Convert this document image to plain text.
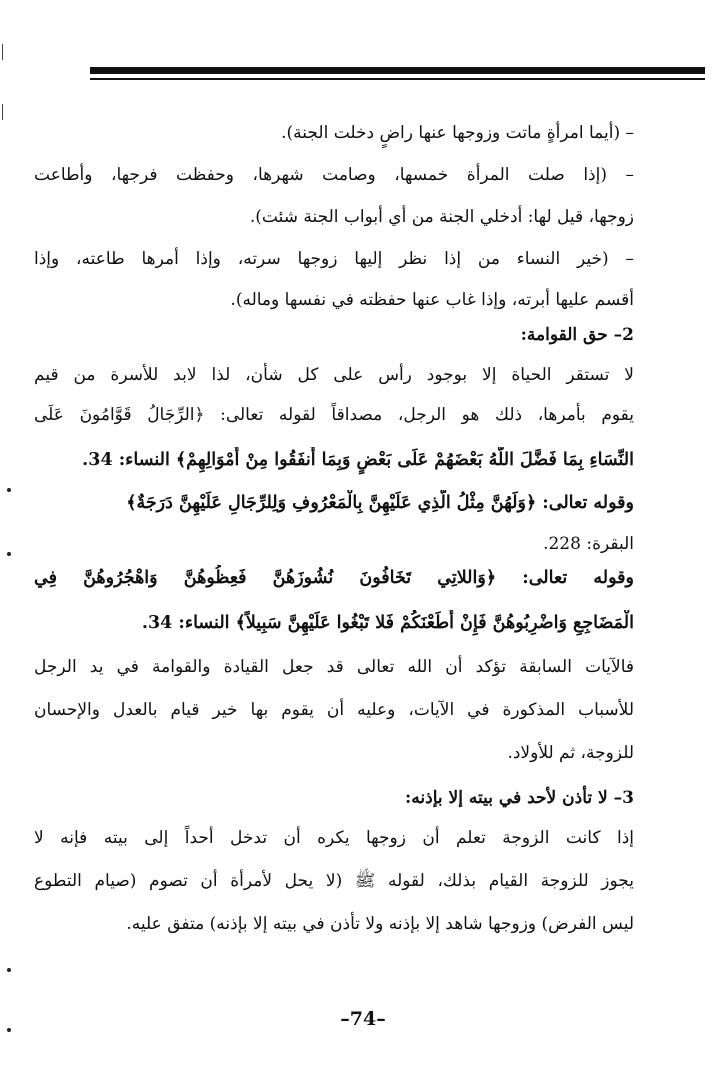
– (أيما امرأةٍ ماتت وزوجها عنها راضٍ دخلت الجنة).
– (إذا صلت المرأة خمسها، وصامت شهرها، وحفظت فرجها، وأطاعت
زوجها، قيل لها: أدخلي الجنة من أي أبواب الجنة شئت).
– (خير النساء من إذا نظر إليها زوجها سرته، وإذا أمرها طاعته، وإذا
أقسم عليها أبرته، وإذا غاب عنها حفظته في نفسها وماله).
2– حق القوامة:
لا تستقر الحياة إلا بوجود رأس على كل شأن، لذا لابد للأسرة من قيم
يقوم بأمرها، ذلك هو الرجل، مصداقاً لقوله تعالى: ﴿الرِّجَالُ قَوَّامُونَ عَلَى
النِّسَاءِ بِمَا فَضَّلَ اللَّهُ بَعْضَهُمْ عَلَى بَعْضٍ وَبِمَا أَنفَقُوا مِنْ أَمْوَالِهِمْ﴾ النساء: 34.
وقوله تعالى: ﴿وَلَهُنَّ مِثْلُ الَّذِي عَلَيْهِنَّ بِالْمَعْرُوفِ وَلِلرِّجَالِ عَلَيْهِنَّ دَرَجَةٌ﴾
البقرة: 228.
وقوله تعالى: ﴿وَاللاتِي تَخَافُونَ نُشُوزَهُنَّ فَعِظُوهُنَّ وَاهْجُرُوهُنَّ فِي
الْمَضَاجِعِ وَاضْرِبُوهُنَّ فَإِنْ أَطَعْنَكُمْ فَلا تَبْغُوا عَلَيْهِنَّ سَبِيلاً﴾ النساء: 34.
فالآيات السابقة تؤكد أن الله تعالى قد جعل القيادة والقوامة في يد الرجل
للأسباب المذكورة في الآيات، وعليه أن يقوم بها خير قيام بالعدل والإحسان
للزوجة، ثم للأولاد.
3– لا تأذن لأحد في بيته إلا بإذنه:
إذا كانت الزوجة تعلم أن زوجها يكره أن تدخل أحداً إلى بيته فإنه لا
يجوز للزوجة القيام بذلك، لقوله ﷺ (لا يحل لأمرأة أن تصوم (صيام التطوع
ليس الفرض) وزوجها شاهد إلا بإذنه ولا تأذن في بيته إلا بإذنه) متفق عليه.
–74–
